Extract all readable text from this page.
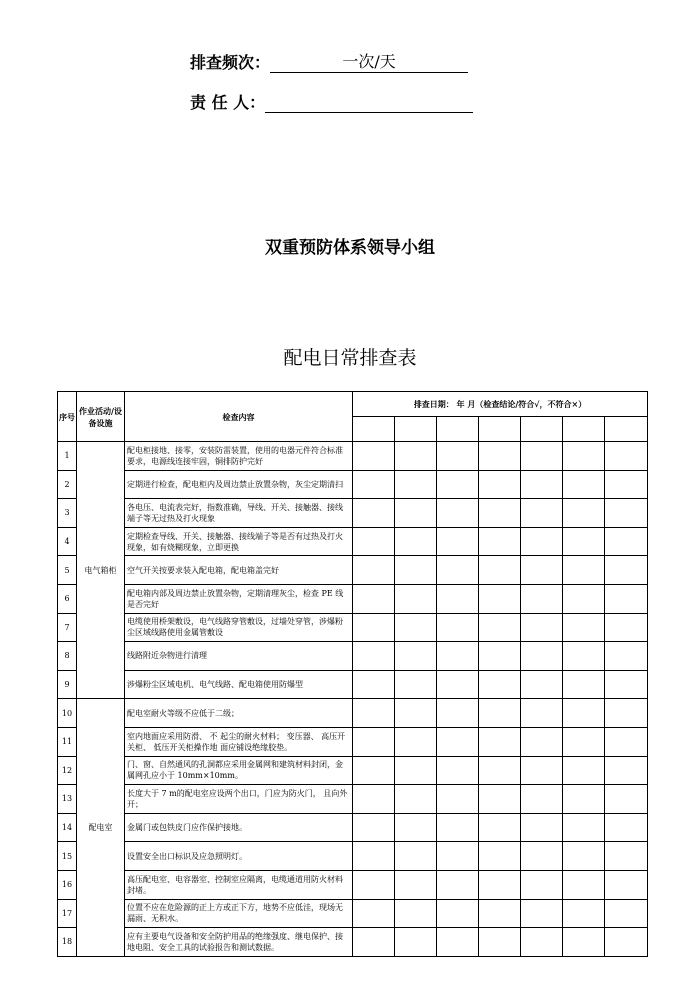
排查频次：	一次/天
责 任 人：
双重预防体系领导小组
配电日常排查表
序号	作业活动/设备设施	检查内容	排查日期： 年 月（检查结论/符合√，不符合×）						

1	电气箱柜	配电柜接地、接零，安装防雷装置，使用的电器元件符合标准要求，电源线连接牢固，铜排防护完好							
2		定期进行检查，配电柜内及周边禁止放置杂物，灰尘定期清扫							
3		各电压、电流表完好，指数准确，导线、开关、接触器、接线端子等无过热及打火现象							
4		定期检查导线、开关、接触器、接线端子等是否有过热及打火现象，如有烧糊现象，立即更换							
5		空气开关按要求装入配电箱，配电箱盖完好							
6		配电箱内部及周边禁止放置杂物，定期清理灰尘，检查 PE 线是否完好							
7		电缆使用桥架敷设，电气线路穿管敷设，过墙处穿管，涉爆粉尘区域线路使用金属管敷设							
8		线路附近杂物进行清理							
9		涉爆粉尘区域电机、电气线路、配电箱使用防爆型							
10	配电室	配电室耐火等级不应低于二级；							
11		室内地面应采用防滑、 不 起尘的耐火材料； 变压器、 高压开关柜、 低压开关柜操作地 面应铺设绝缘胶垫。							
12		门、窗、自然通风的孔洞都应采用金属网和建筑材料封闭，金属网孔应小于 10mm×10mm。							
13		长度大于 7 m的配电室应设两个出口，门应为防火门， 且向外开；							
14		金属门或包铁皮门应作保护接地。							
15		设置安全出口标识及应急照明灯。							
16		高压配电室、电容器室、控制室应隔离，电缆通道用防火材料封堵。							
17		位置不应在危险源的正上方或正下方，地势不应低洼，现场无漏雨、无积水。							
18		应有主要电气设备和安全防护用品的绝缘强度、继电保护、接地电阻、安全工具的试验报告和测试数据。							
